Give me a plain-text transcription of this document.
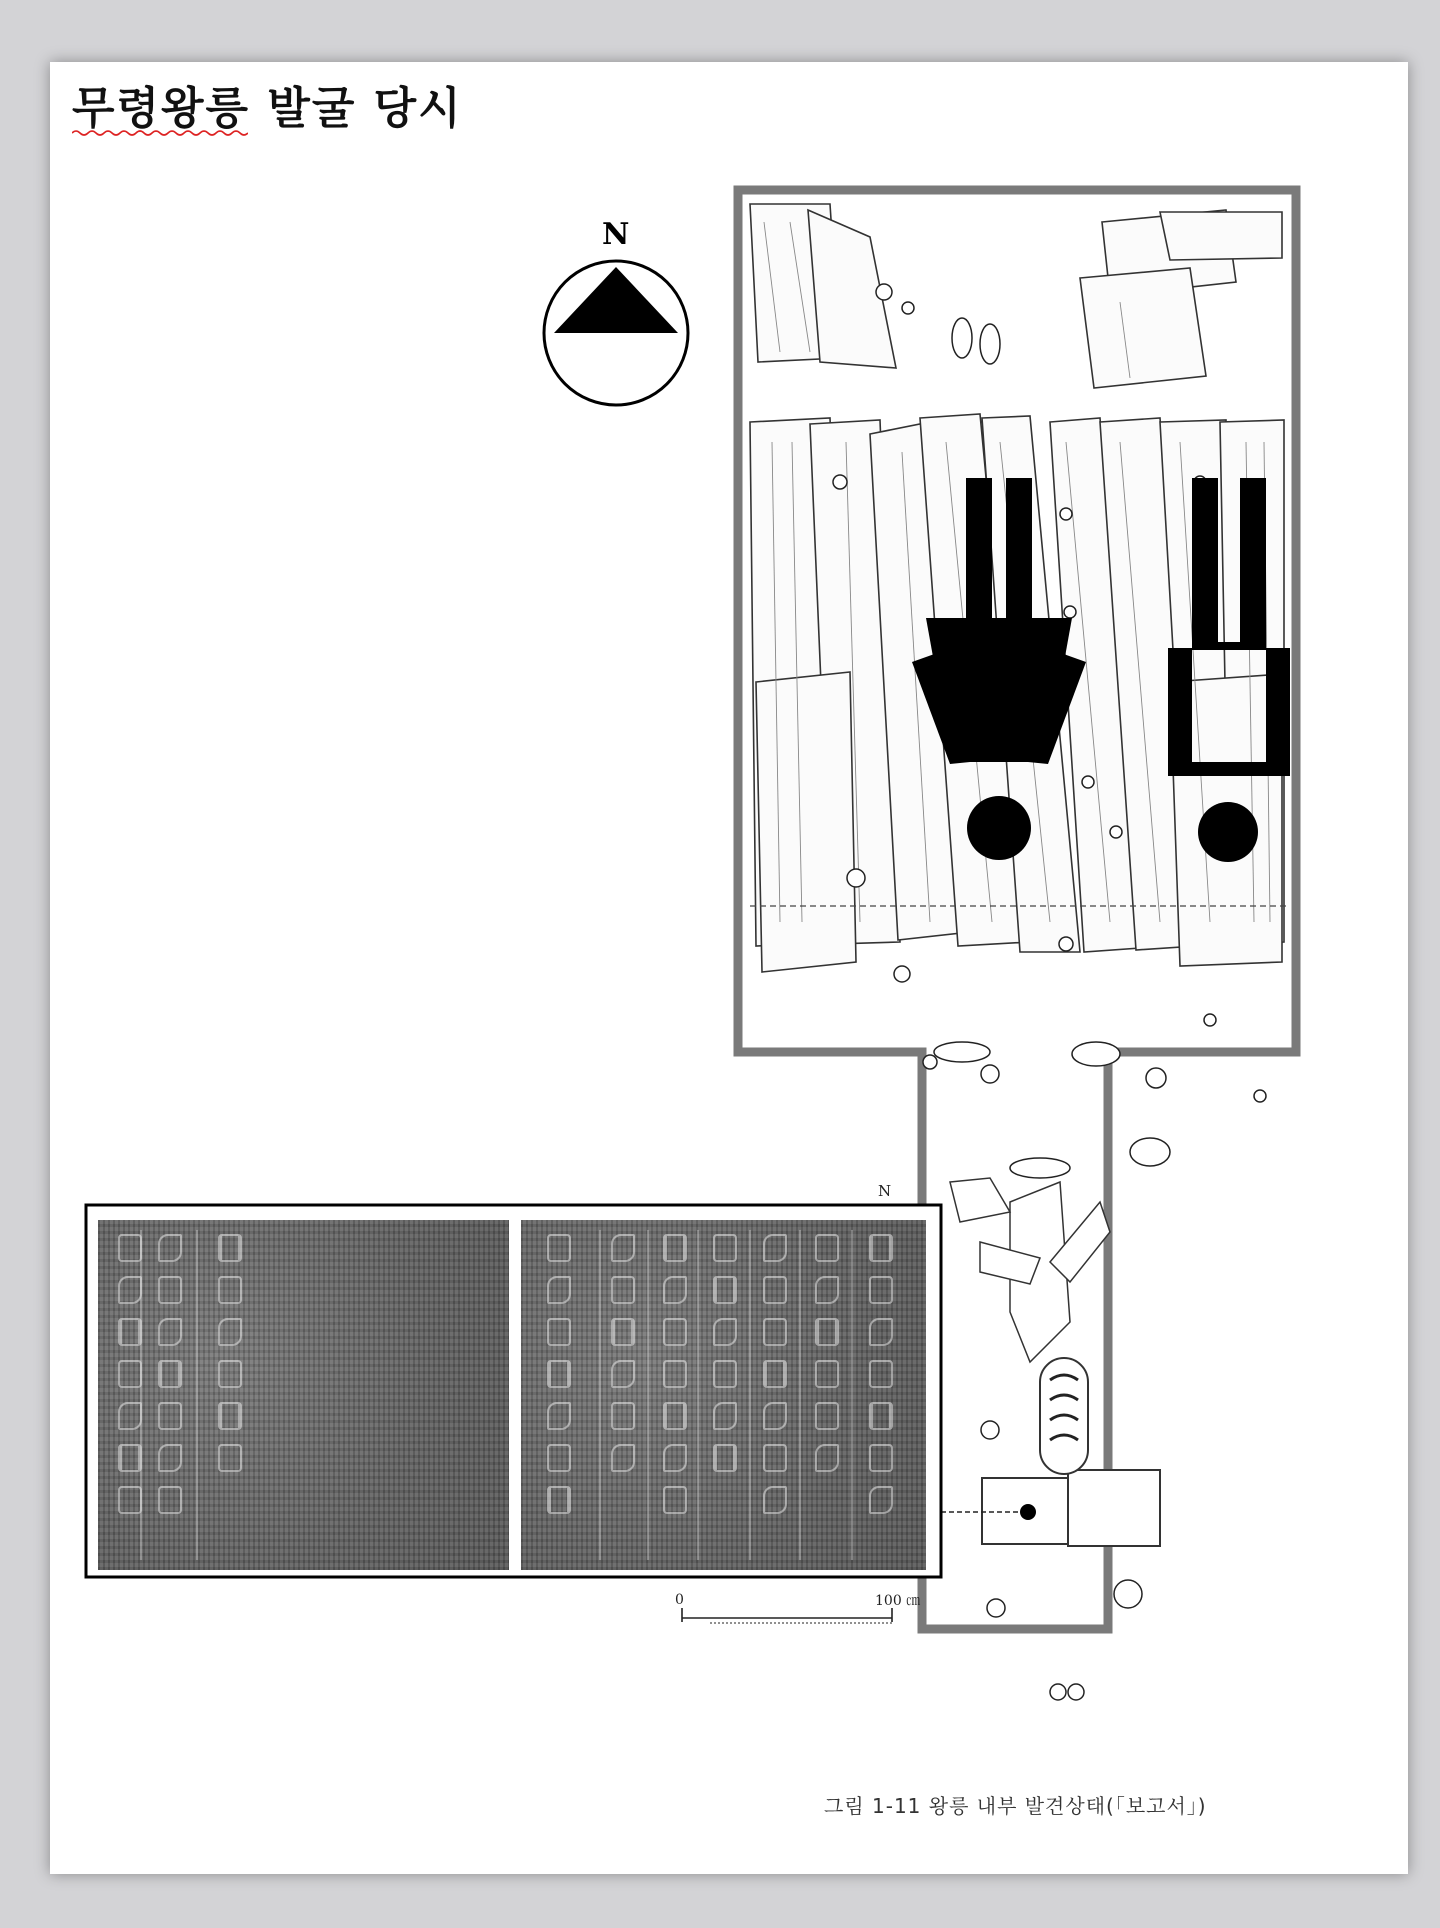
무령왕릉 발굴 당시
N
N
0	100 ㎝
그림 1-11 왕릉 내부 발견상태(「보고서」)
